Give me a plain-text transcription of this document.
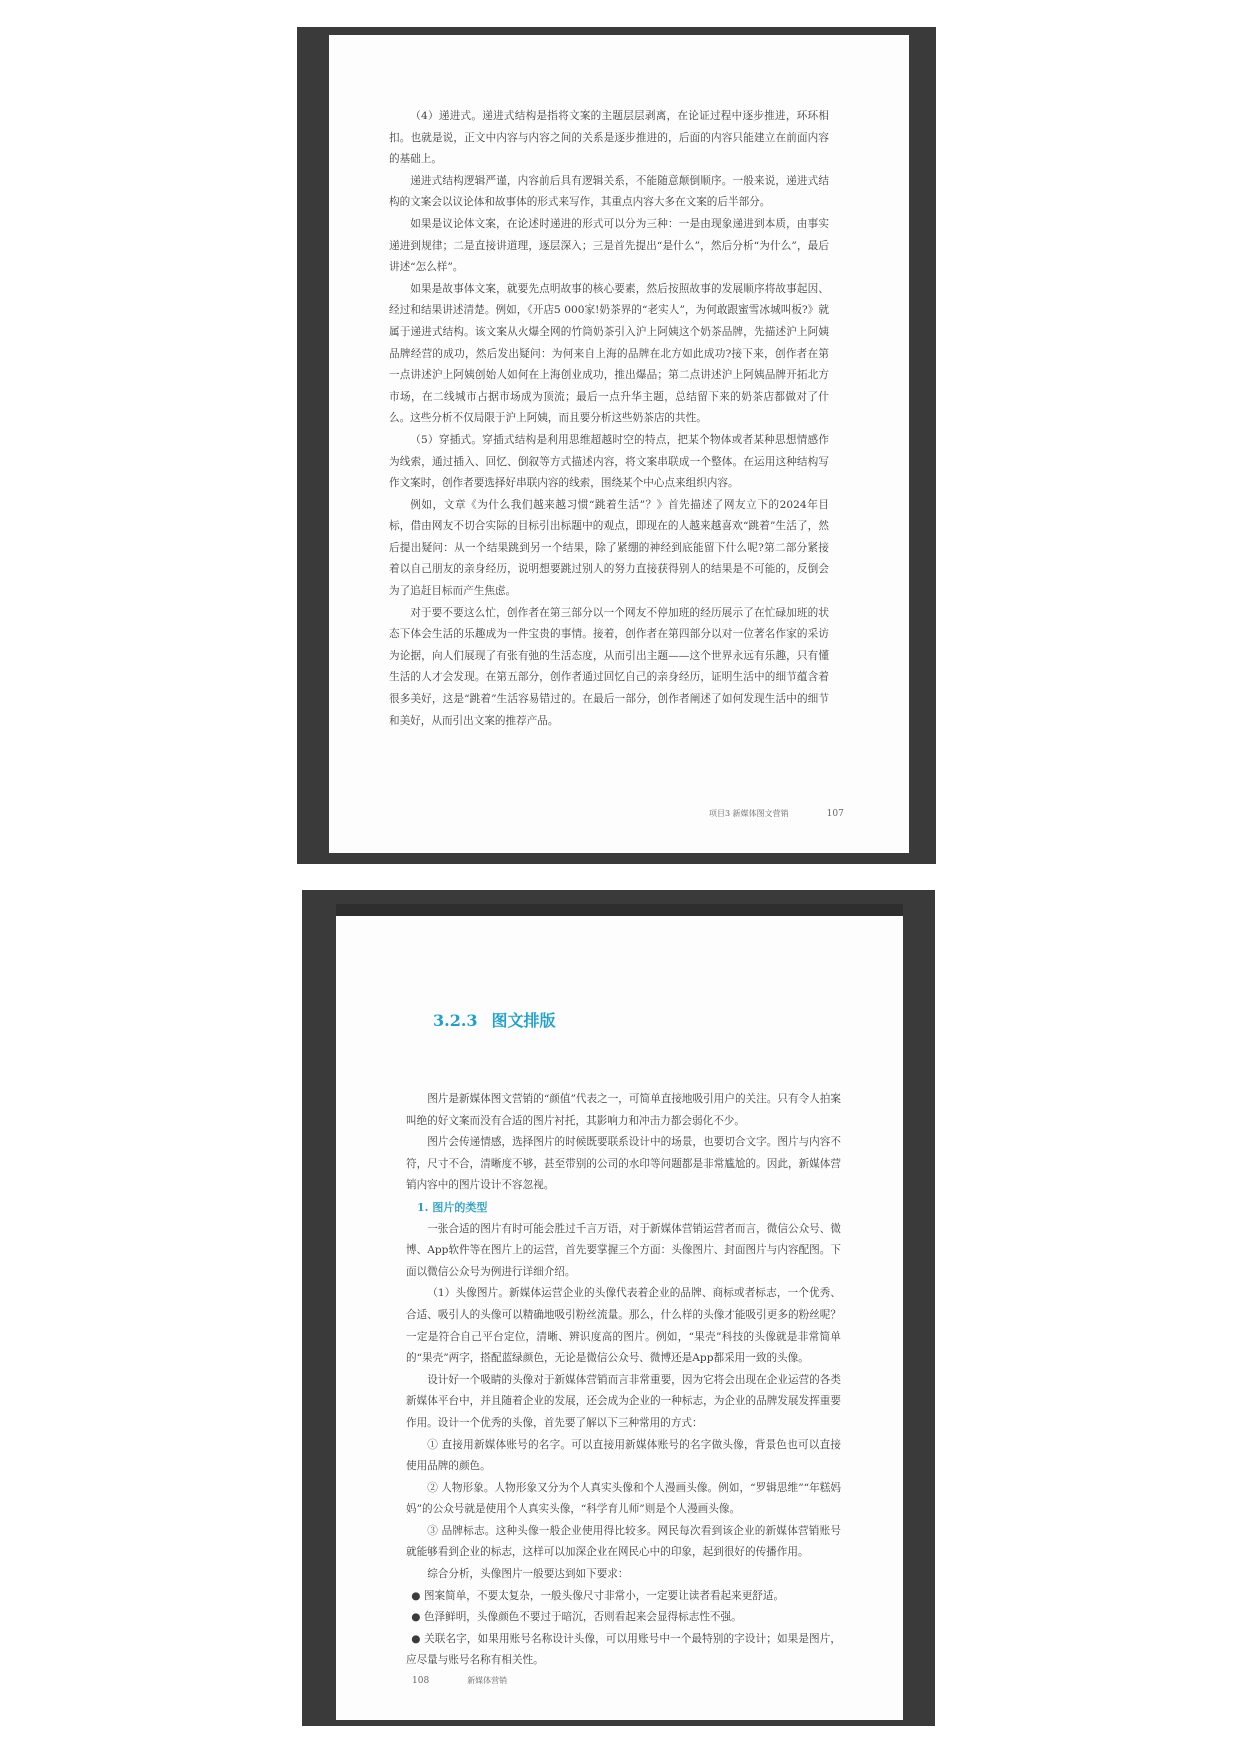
（4）递进式。递进式结构是指将文案的主题层层剥离，在论证过程中逐步推进，环环相扣。也就是说，正文中内容与内容之间的关系是逐步推进的，后面的内容只能建立在前面内容的基础上。

递进式结构逻辑严谨，内容前后具有逻辑关系，不能随意颠倒顺序。一般来说，递进式结构的文案会以议论体和故事体的形式来写作，其重点内容大多在文案的后半部分。

如果是议论体文案，在论述时递进的形式可以分为三种：一是由现象递进到本质，由事实递进到规律；二是直接讲道理，逐层深入；三是首先提出“是什么”，然后分析“为什么”，最后讲述“怎么样”。

如果是故事体文案，就要先点明故事的核心要素，然后按照故事的发展顺序将故事起因、经过和结果讲述清楚。例如，《开店5 000家!奶茶界的“老实人”，为何敢跟蜜雪冰城叫板?》就属于递进式结构。该文案从火爆全网的竹筒奶茶引入沪上阿姨这个奶茶品牌，先描述沪上阿姨品牌经营的成功，然后发出疑问：为何来自上海的品牌在北方如此成功?接下来，创作者在第一点讲述沪上阿姨创始人如何在上海创业成功，推出爆品；第二点讲述沪上阿姨品牌开拓北方市场，在二线城市占据市场成为顶流；最后一点升华主题，总结留下来的奶茶店都做对了什么。这些分析不仅局限于沪上阿姨，而且要分析这些奶茶店的共性。

（5）穿插式。穿插式结构是利用思维超越时空的特点，把某个物体或者某种思想情感作为线索，通过插入、回忆、倒叙等方式描述内容，将文案串联成一个整体。在运用这种结构写作文案时，创作者要选择好串联内容的线索，围绕某个中心点来组织内容。

例如，文章《为什么我们越来越习惯“跳着生活”？》首先描述了网友立下的2024年目标，借由网友不切合实际的目标引出标题中的观点，即现在的人越来越喜欢“跳着”生活了，然后提出疑问：从一个结果跳到另一个结果，除了紧绷的神经到底能留下什么呢?第二部分紧接着以自己朋友的亲身经历，说明想要跳过别人的努力直接获得别人的结果是不可能的，反倒会为了追赶目标而产生焦虑。

对于要不要这么忙，创作者在第三部分以一个网友不停加班的经历展示了在忙碌加班的状态下体会生活的乐趣成为一件宝贵的事情。接着，创作者在第四部分以对一位著名作家的采访为论据，向人们展现了有张有弛的生活态度，从而引出主题——这个世界永远有乐趣，只有懂生活的人才会发现。在第五部分，创作者通过回忆自己的亲身经历，证明生活中的细节蕴含着很多美好，这是“跳着”生活容易错过的。在最后一部分，创作者阐述了如何发现生活中的细节和美好，从而引出文案的推荐产品。

项目3 新媒体图文营销	107
3.2.3 图文排版

图片是新媒体图文营销的“颜值”代表之一，可简单直接地吸引用户的关注。只有令人拍案叫绝的好文案而没有合适的图片衬托，其影响力和冲击力都会弱化不少。

图片会传递情感，选择图片的时候既要联系设计中的场景，也要切合文字。图片与内容不符，尺寸不合，清晰度不够，甚至带别的公司的水印等问题都是非常尴尬的。因此，新媒体营销内容中的图片设计不容忽视。

1. 图片的类型

一张合适的图片有时可能会胜过千言万语，对于新媒体营销运营者而言，微信公众号、微博、App软件等在图片上的运营，首先要掌握三个方面：头像图片、封面图片与内容配图。下面以微信公众号为例进行详细介绍。

（1）头像图片。新媒体运营企业的头像代表着企业的品牌、商标或者标志，一个优秀、合适、吸引人的头像可以精确地吸引粉丝流量。那么，什么样的头像才能吸引更多的粉丝呢？一定是符合自己平台定位，清晰、辨识度高的图片。例如，“果壳”科技的头像就是非常简单的“果壳”两字，搭配蓝绿颜色，无论是微信公众号、微博还是App都采用一致的头像。

设计好一个吸睛的头像对于新媒体营销而言非常重要，因为它将会出现在企业运营的各类新媒体平台中，并且随着企业的发展，还会成为企业的一种标志，为企业的品牌发展发挥重要作用。设计一个优秀的头像，首先要了解以下三种常用的方式：

① 直接用新媒体账号的名字。可以直接用新媒体账号的名字做头像，背景色也可以直接使用品牌的颜色。

② 人物形象。人物形象又分为个人真实头像和个人漫画头像。例如，“罗辑思维”“年糕妈妈”的公众号就是使用个人真实头像，“科学育儿师”则是个人漫画头像。

③ 品牌标志。这种头像一般企业使用得比较多。网民每次看到该企业的新媒体营销账号就能够看到企业的标志，这样可以加深企业在网民心中的印象，起到很好的传播作用。

综合分析，头像图片一般要达到如下要求：

● 图案简单，不要太复杂，一般头像尺寸非常小，一定要让读者看起来更舒适。

● 色泽鲜明，头像颜色不要过于暗沉，否则看起来会显得标志性不强。

● 关联名字，如果用账号名称设计头像，可以用账号中一个最特别的字设计；如果是图片，应尽量与账号名称有相关性。

108	新媒体营销
